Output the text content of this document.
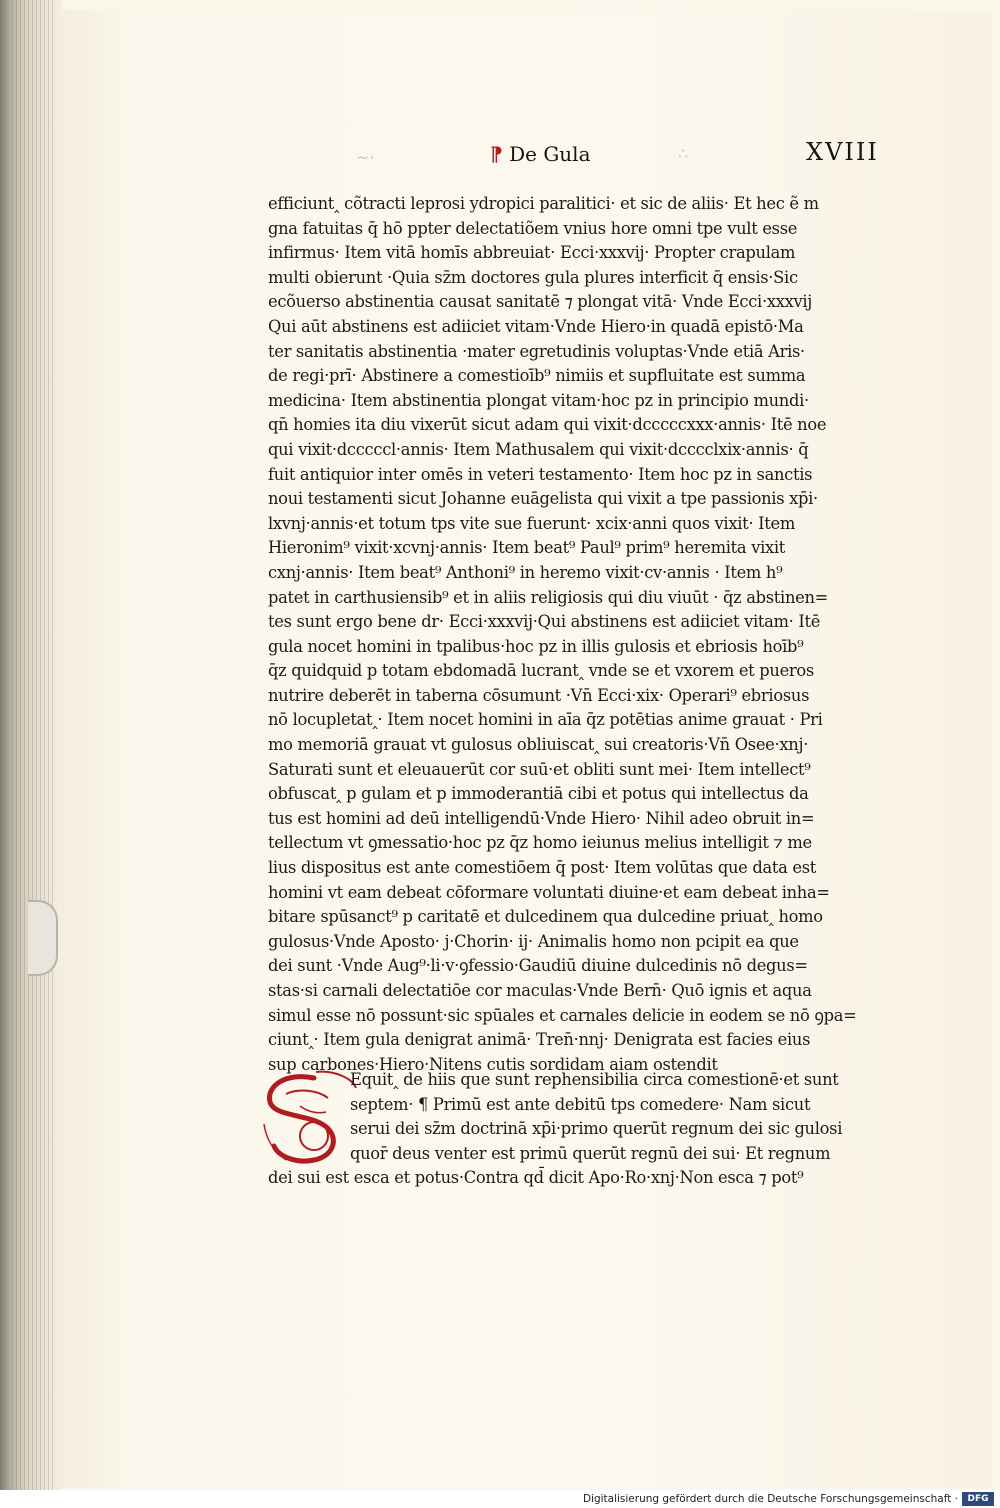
~·	∴
⁋ De Gula	XVIII
efficiunt‸ cõtracti leprosi ydropici paralitici· et sic de aliis· Et hec ẽ m
gna fatuitas q̄ hō ppter delectatiõem vnius hore omni tpe vult esse
infirmus· Item vitā homīs abbreuiat· Ecci·xxxvij· Propter crapulam
multi obierunt ·Quia sz̄m doctores gula plures interficit q̄ ensis·Sic
ecõuerso abstinentia causat sanitatē ⁊ plongat vitā· Vnde Ecci·xxxvij
Qui aūt abstinens est adiiciet vitam·Vnde Hiero·in quadā epistō·Ma
ter sanitatis abstinentia ·mater egretudinis voluptas·Vnde etiā Aris·
de regi·prī· Abstinere a comestioīb⁹ nimiis et supfluitate est summa
medicina· Item abstinentia plongat vitam·hoc pz in principio mundi·
qn̄ homies ita diu vixerūt sicut adam qui vixit·dcccccxxx·annis· Itē noe
qui vixit·dcccccl·annis· Item Mathusalem qui vixit·dcccclxix·annis· q̄
fuit antiquior inter omēs in veteri testamento· Item hoc pz in sanctis
noui testamenti sicut Johanne euāgelista qui vixit a tpe passionis xp̄i·
lxvnj·annis·et totum tps vite sue fuerunt· xcix·anni quos vixit· Item
Hieronim⁹ vixit·xcvnj·annis· Item beat⁹ Paul⁹ prim⁹ heremita vixit
cxnj·annis· Item beat⁹ Anthoni⁹ in heremo vixit·cv·annis · Item h⁹
patet in carthusiensib⁹ et in aliis religiosis qui diu viuūt · q̄z abstinen=
tes sunt ergo bene dr· Ecci·xxxvij·Qui abstinens est adiiciet vitam· Itē
gula nocet homini in tpalibus·hoc pz in illis gulosis et ebriosis hoīb⁹
q̄z quidquid p totam ebdomadā lucrant‸ vnde se et vxorem et pueros
nutrire deberēt in taberna cōsumunt ·Vn̄ Ecci·xix· Operari⁹ ebriosus
nō locupletat‸· Item nocet homini in aīa q̄z potētias anime grauat · Pri
mo memoriā grauat vt gulosus obliuiscat‸ sui creatoris·Vn̄ Osee·xnj·
Saturati sunt et eleuauerūt cor suū·et obliti sunt mei· Item intellect⁹
obfuscat‸ p gulam et p immoderantiā cibi et potus qui intellectus da
tus est homini ad deū intelligendū·Vnde Hiero· Nihil adeo obruit in=
tellectum vt ꝯmessatio·hoc pz q̄z homo ieiunus melius intelligit ⁊ me
lius dispositus est ante comestiōem q̄ post· Item volūtas que data est
homini vt eam debeat cōformare voluntati diuine·et eam debeat inha=
bitare spūsanct⁹ p caritatē et dulcedinem qua dulcedine priuat‸ homo
gulosus·Vnde Aposto· j·Chorin· ij· Animalis homo non pcipit ea que
dei sunt ·Vnde Aug⁹·li·v·ꝯfessio·Gaudiū diuine dulcedinis nō degus=
stas·si carnali delectatiōe cor maculas·Vnde Bern̄· Quō ignis et aqua
simul esse nō possunt·sic spūales et carnales delicie in eodem se nō ꝯpa=
ciunt‸· Item gula denigrat animā· Tren̄·nnj· Denigrata est facies eius
sup carbones·Hiero·Nitens cutis sordidam aiam ostendit
Equit‸ de hiis que sunt rephensibilia circa comestionē·et sunt
septem· ¶ Primū est ante debitū tps comedere· Nam sicut
serui dei sz̄m doctrinā xp̄i·primo querūt regnum dei sic gulosi
quor̄ deus venter est primū querūt regnū dei sui· Et regnum
dei sui est esca et potus·Contra qd̄ dicit Apo·Ro·xnj·Non esca ⁊ pot⁹
Digitalisierung gefördert durch die Deutsche Forschungsgemeinschaft ·	DFG
